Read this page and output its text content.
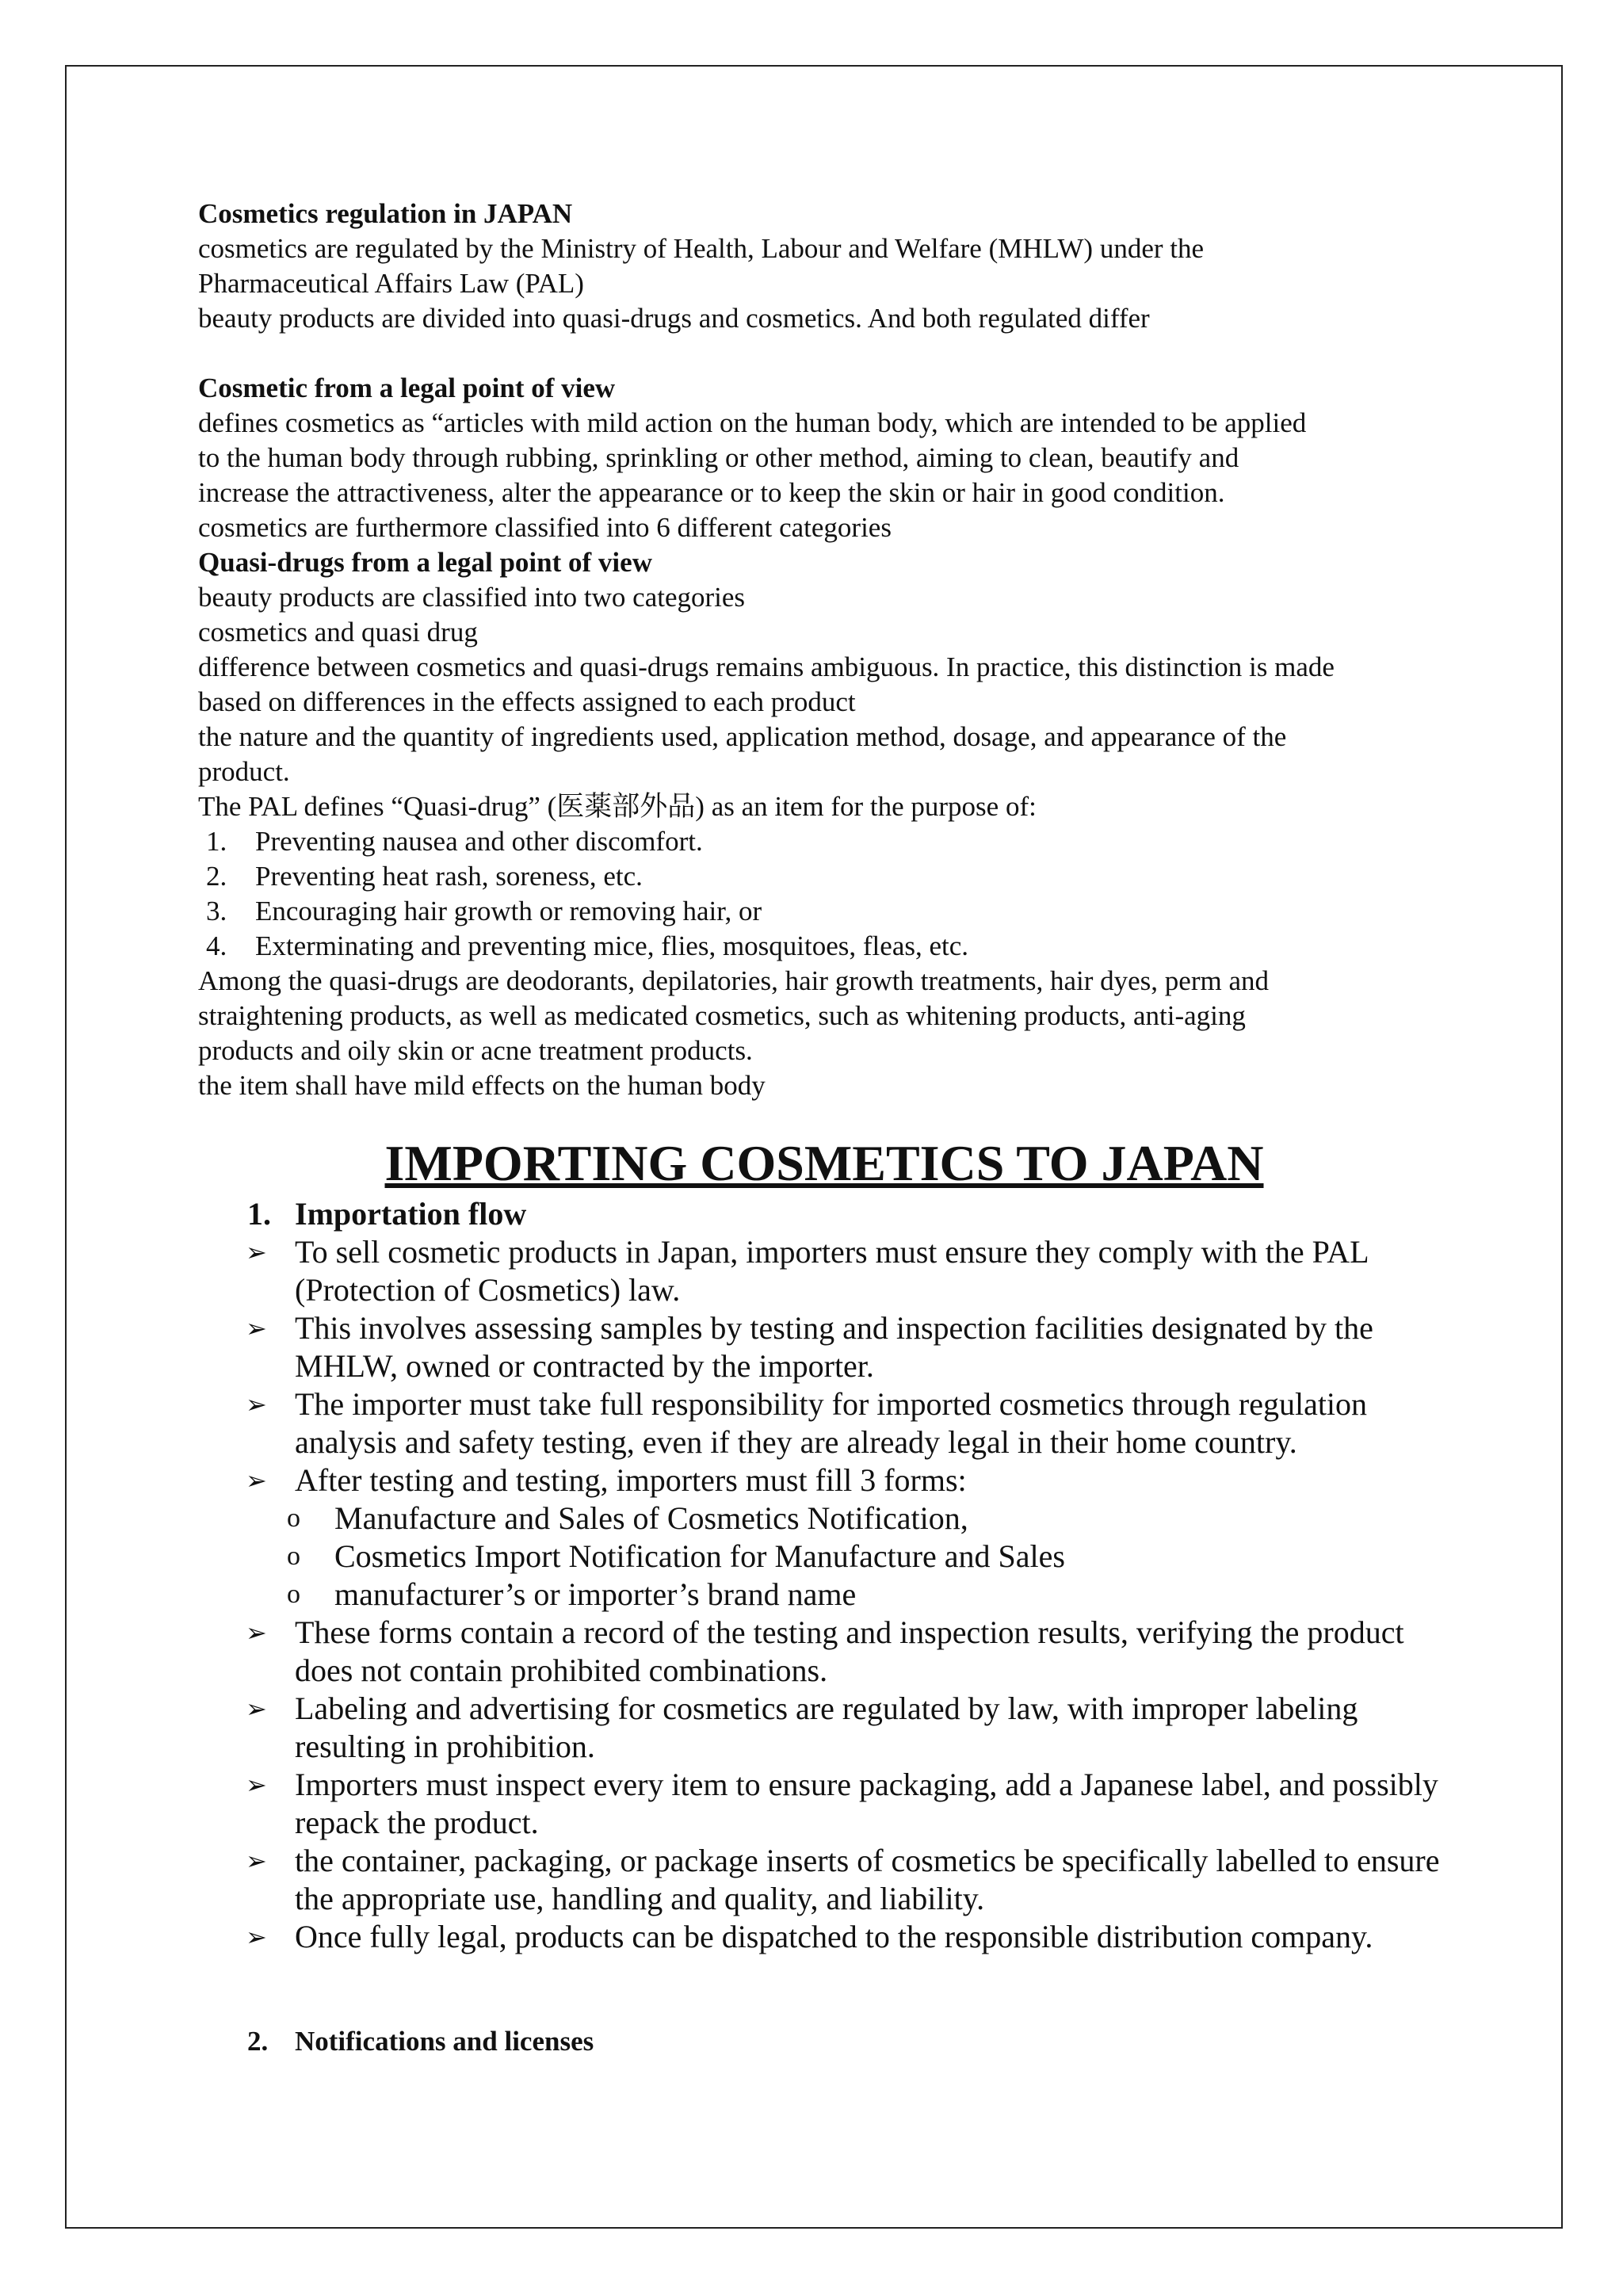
Cosmetics regulation in JAPAN

cosmetics are regulated by the Ministry of Health, Labour and Welfare (MHLW) under the

Pharmaceutical Affairs Law (PAL)

beauty products are divided into quasi-drugs and cosmetics. And both regulated differ

Cosmetic from a legal point of view

defines cosmetics as “articles with mild action on the human body, which are intended to be applied

to the human body through rubbing, sprinkling or other method, aiming to clean, beautify and

increase the attractiveness, alter the appearance or to keep the skin or hair in good condition.

cosmetics are furthermore classified into 6 different categories

Quasi-drugs from a legal point of view

beauty products are classified into two categories

cosmetics and quasi drug

difference between cosmetics and quasi-drugs remains ambiguous. In practice, this distinction is made

based on differences in the effects assigned to each product

the nature and the quantity of ingredients used, application method, dosage, and appearance of the

product.

The PAL defines “Quasi-drug” (医薬部外品) as an item for the purpose of:

1. Preventing nausea and other discomfort.
2. Preventing heat rash, soreness, etc.
3. Encouraging hair growth or removing hair, or
4. Exterminating and preventing mice, flies, mosquitoes, fleas, etc.

Among the quasi-drugs are deodorants, depilatories, hair growth treatments, hair dyes, perm and

straightening products, as well as medicated cosmetics, such as whitening products, anti-aging

products and oily skin or acne treatment products.

the item shall have mild effects on the human body

IMPORTING COSMETICS TO JAPAN
1. Importation flow
➢ To sell cosmetic products in Japan, importers must ensure they comply with the PAL (Protection of Cosmetics) law.
➢ This involves assessing samples by testing and inspection facilities designated by the MHLW, owned or contracted by the importer.
➢ The importer must take full responsibility for imported cosmetics through regulation analysis and safety testing, even if they are already legal in their home country.
➢ After testing and testing, importers must fill 3 forms:
o Manufacture and Sales of Cosmetics Notification,
o Cosmetics Import Notification for Manufacture and Sales
o manufacturer’s or importer’s brand name
➢ These forms contain a record of the testing and inspection results, verifying the product does not contain prohibited combinations.
➢ Labeling and advertising for cosmetics are regulated by law, with improper labeling resulting in prohibition.
➢ Importers must inspect every item to ensure packaging, add a Japanese label, and possibly repack the product.
➢ the container, packaging, or package inserts of cosmetics be specifically labelled to ensure the appropriate use, handling and quality, and liability.
➢ Once fully legal, products can be dispatched to the responsible distribution company.
2. Notifications and licenses
